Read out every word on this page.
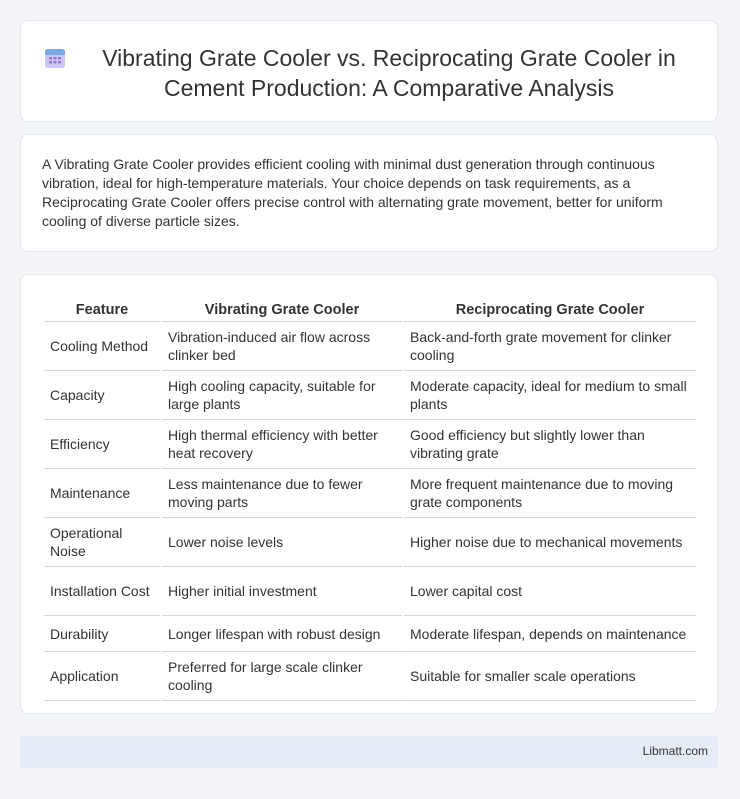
Vibrating Grate Cooler vs. Reciprocating Grate Cooler in Cement Production: A Comparative Analysis

A Vibrating Grate Cooler provides efficient cooling with minimal dust generation through continuous vibration, ideal for high-temperature materials. Your choice depends on task requirements, as a Reciprocating Grate Cooler offers precise control with alternating grate movement, better for uniform cooling of diverse particle sizes.

Feature	Vibrating Grate Cooler	Reciprocating Grate Cooler
Cooling Method	Vibration-induced air flow across clinker bed	Back-and-forth grate movement for clinker cooling
Capacity	High cooling capacity, suitable for large plants	Moderate capacity, ideal for medium to small plants
Efficiency	High thermal efficiency with better heat recovery	Good efficiency but slightly lower than vibrating grate
Maintenance	Less maintenance due to fewer moving parts	More frequent maintenance due to moving grate components
Operational Noise	Lower noise levels	Higher noise due to mechanical movements
Installation Cost	Higher initial investment	Lower capital cost
Durability	Longer lifespan with robust design	Moderate lifespan, depends on maintenance
Application	Preferred for large scale clinker cooling	Suitable for smaller scale operations
Libmatt.com
